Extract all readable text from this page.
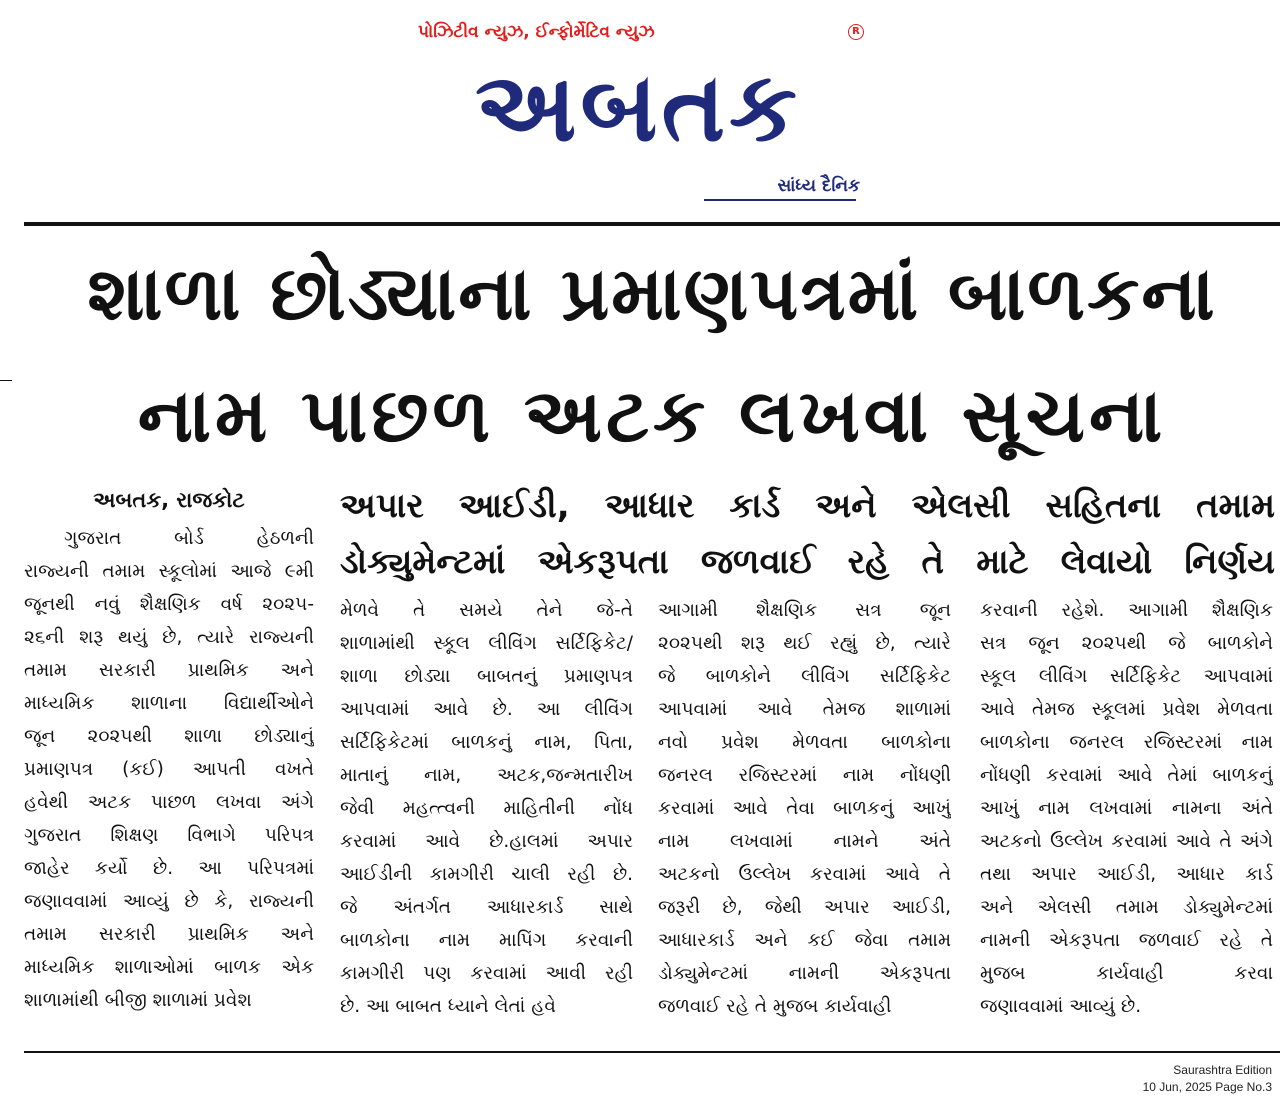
પોઝિટીવ ન્યુઝ, ઈન્ફોર્મેટિવ ન્યુઝ	R
અબતક
સાંધ્ય દૈનિક
શાળા છોડ્યાના પ્રમાણપત્રમાં બાળકના
નામ પાછળ અટક લખવા સૂચના
અપાર આઈડી, આધાર કાર્ડ અને એલસી સહિતના તમામ
ડોક્યુમેન્ટમાં એકરૂપતા જળવાઈ રહે તે માટે લેવાયો નિર્ણય
અબતક, રાજકોટ
ગુજરાત બોર્ડ હેઠળની
રાજ્યની તમામ સ્કૂલોમાં આજે ૯મી
જૂનથી નવું શૈક્ષણિક વર્ષ ૨૦૨૫-
૨૬ની શરૂ થયું છે, ત્યારે રાજ્યની
તમામ સરકારી પ્રાથમિક અને
માધ્યમિક શાળાના વિદ્યાર્થીઓને
જૂન ૨૦૨૫થી શાળા છોડ્યાનું
પ્રમાણપત્ર (કઈ) આપતી વખતે
હવેથી અટક પાછળ લખવા અંગે
ગુજરાત શિક્ષણ વિભાગે પરિપત્ર
જાહેર કર્યો છે. આ પરિપત્રમાં
જણાવવામાં આવ્યું છે કે, રાજ્યની
તમામ સરકારી પ્રાથમિક અને
માધ્યમિક શાળાઓમાં બાળક એક
શાળામાંથી બીજી શાળામાં પ્રવેશ
મેળવે તે સમયે તેને જે-તે
શાળામાંથી સ્કૂલ લીવિંગ સર્ટિફિકેટ/
શાળા છોડ્યા બાબતનું પ્રમાણપત્ર
આપવામાં આવે છે. આ લીવિંગ
સર્ટિફિકેટમાં બાળકનું નામ, પિતા,
માતાનું નામ, અટક,જન્મતારીખ
જેવી મહત્ત્વની માહિતીની નોંધ
કરવામાં આવે છે.હાલમાં અપાર
આઈડીની કામગીરી ચાલી રહી છે.
જે અંતર્ગત આધારકાર્ડ સાથે
બાળકોના નામ માપિંગ કરવાની
કામગીરી પણ કરવામાં આવી રહી
છે. આ બાબત ધ્યાને લેતાં હવે
આગામી શૈક્ષણિક સત્ર જૂન
૨૦૨૫થી શરૂ થઈ રહ્યું છે, ત્યારે
જે બાળકોને લીવિંગ સર્ટિફિકેટ
આપવામાં આવે તેમજ શાળામાં
નવો પ્રવેશ મેળવતા બાળકોના
જનરલ રજિસ્ટરમાં નામ નોંધણી
કરવામાં આવે તેવા બાળકનું આખું
નામ લખવામાં નામને અંતે
અટકનો ઉલ્લેખ કરવામાં આવે તે
જરૂરી છે, જેથી અપાર આઈડી,
આધારકાર્ડ અને કઈ જેવા તમામ
ડોક્યુમેન્ટમાં નામની એકરૂપતા
જળવાઈ રહે તે મુજબ કાર્યવાહી
કરવાની રહેશે. આગામી શૈક્ષણિક
સત્ર જૂન ૨૦૨૫થી જે બાળકોને
સ્કૂલ લીવિંગ સર્ટિફિકેટ આપવામાં
આવે તેમજ સ્કૂલમાં પ્રવેશ મેળવતા
બાળકોના જનરલ રજિસ્ટરમાં નામ
નોંધણી કરવામાં આવે તેમાં બાળકનું
આખું નામ લખવામાં નામના અંતે
અટકનો ઉલ્લેખ કરવામાં આવે તે અંગે
તથા અપાર આઈડી, આધાર કાર્ડ
અને એલસી તમામ ડોક્યુમેન્ટમાં
નામની એકરૂપતા જળવાઈ રહે તે
મુજબ કાર્યવાહી કરવા
જણાવવામાં આવ્યું છે.
Saurashtra Edition
10 Jun, 2025 Page No.3
